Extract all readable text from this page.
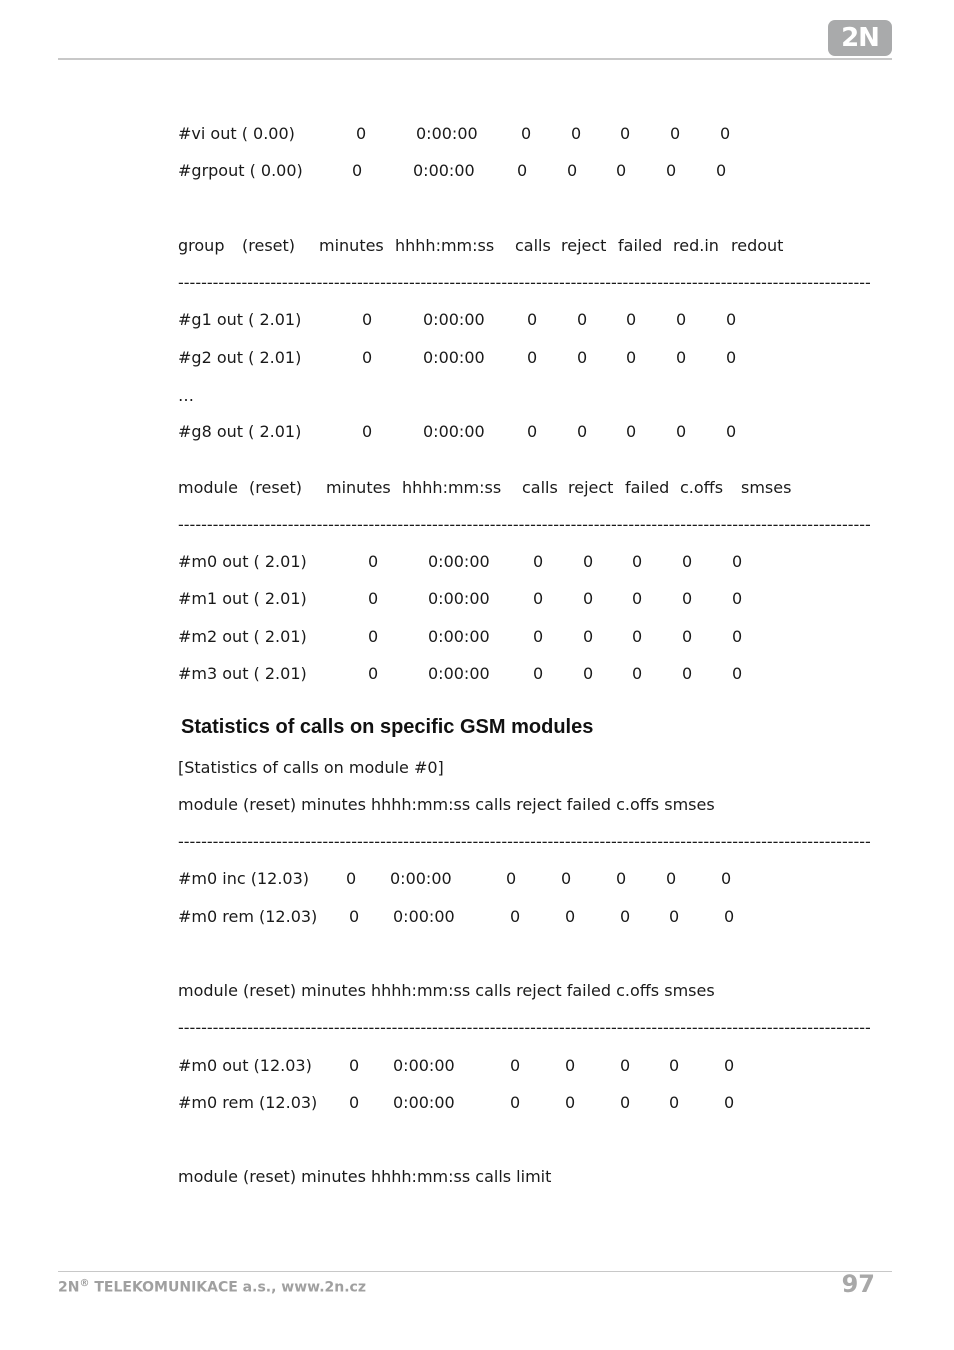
2N
#vi out ( 0.00)	0	0:00:00	0 0 0 0 0
#grpout ( 0.00)	0	0:00:00	0 0 0 0 0
group (reset) minutes hhhh:mm:ss calls reject failed red.in redout
-----
#g1 out ( 2.01)	0	0:00:00	0 0 0 0 0
#g2 out ( 2.01)	0	0:00:00	0 0 0 0 0
…
#g8 out ( 2.01)	0	0:00:00	0 0 0 0 0
module (reset) minutes hhhh:mm:ss calls reject failed c.offs smses
-----
#m0 out ( 2.01)	0	0:00:00	0 0 0 0 0
#m1 out ( 2.01)	0	0:00:00	0 0 0 0 0
#m2 out ( 2.01)	0	0:00:00	0 0 0 0 0
#m3 out ( 2.01)	0	0:00:00	0 0 0 0 0
Statistics of calls on specific GSM modules
[Statistics of calls on module #0]
module (reset) minutes hhhh:mm:ss calls reject failed c.offs smses
-----
#m0 inc (12.03) 0 0:00:00	0	0	0 0	0
#m0 rem (12.03) 0 0:00:00	0	0	0 0	0
module (reset) minutes hhhh:mm:ss calls reject failed c.offs smses
-----
#m0 out (12.03) 0 0:00:00	0	0	0 0	0
#m0 rem (12.03) 0 0:00:00	0	0	0 0	0
module (reset) minutes hhhh:mm:ss calls limit
2N® TELEKOMUNIKACE a.s., www.2n.cz	97
